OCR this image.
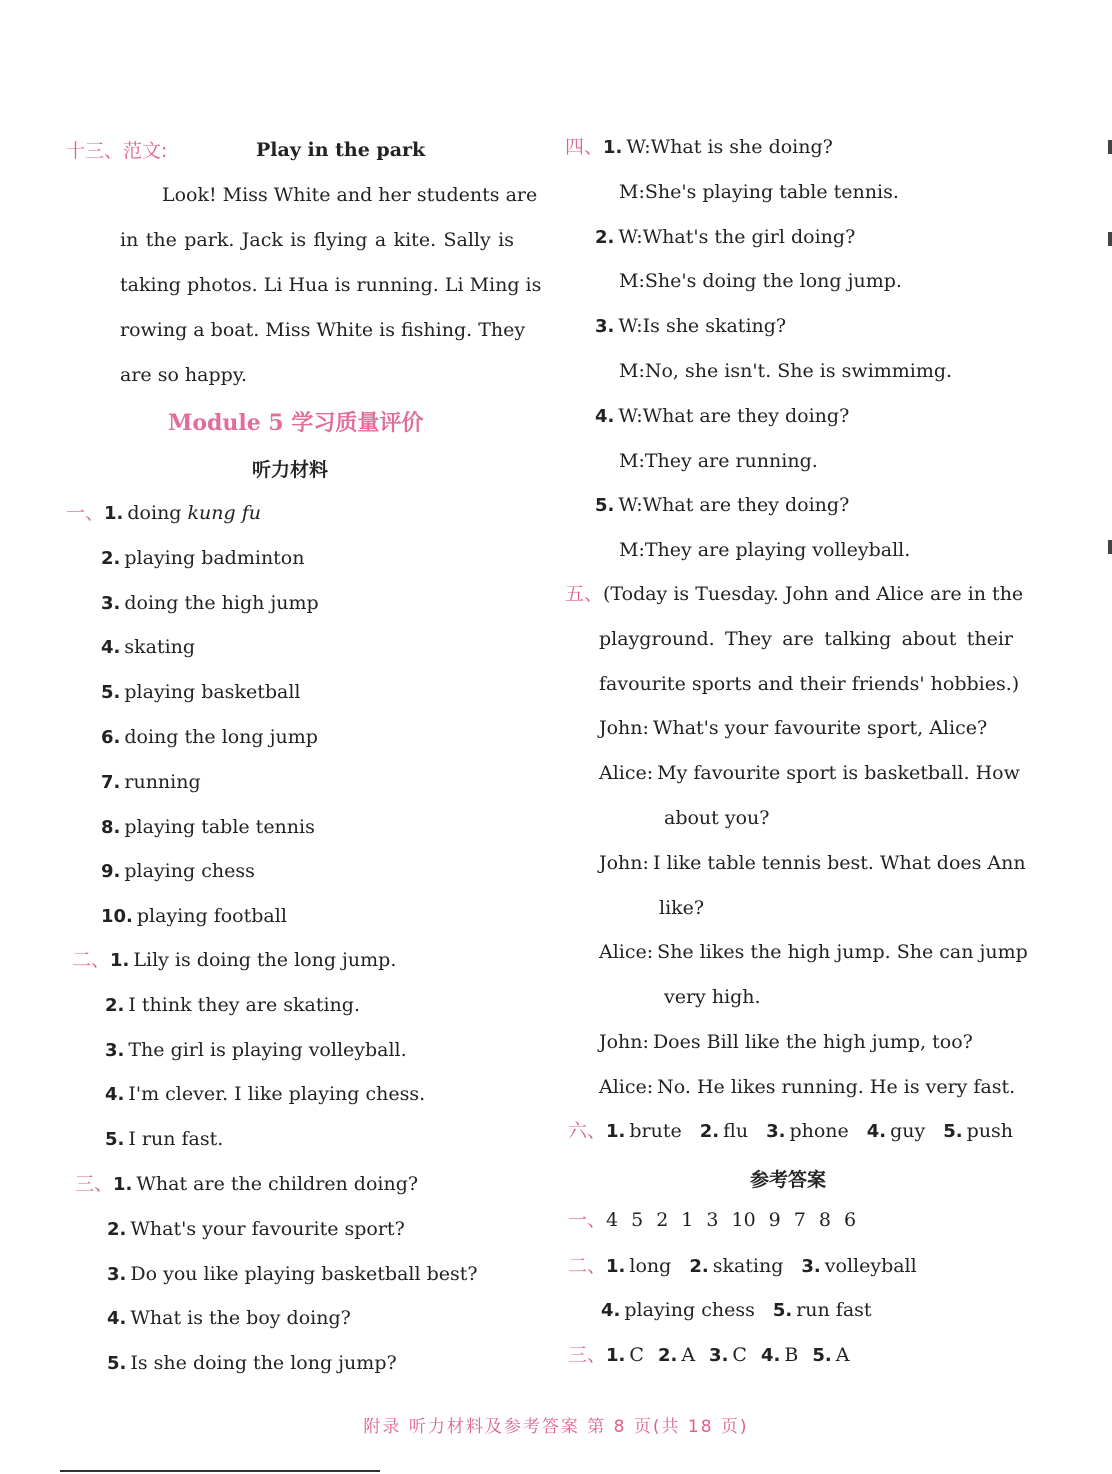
十三、范文:	Play in the park
Look! Miss White and her students are
in the park. Jack is flying a kite. Sally is
taking photos. Li Hua is running. Li Ming is
rowing a boat. Miss White is fishing. They
are so happy.
Module 5 学习质量评价
听力材料
一、1. doing kung fu
2. playing badminton
3. doing the high jump
4. skating
5. playing basketball
6. doing the long jump
7. running
8. playing table tennis
9. playing chess
10. playing football
二、1. Lily is doing the long jump.
2. I think they are skating.
3. The girl is playing volleyball.
4. I'm clever. I like playing chess.
5. I run fast.
三、1. What are the children doing?
2. What's your favourite sport?
3. Do you like playing basketball best?
4. What is the boy doing?
5. Is she doing the long jump?
四、1. W:What is she doing?
M:She's playing table tennis.
2. W:What's the girl doing?
M:She's doing the long jump.
3. W:Is she skating?
M:No, she isn't. She is swimmimg.
4. W:What are they doing?
M:They are running.
5. W:What are they doing?
M:They are playing volleyball.
五、(Today is Tuesday. John and Alice are in the
playground. They are talking about their
favourite sports and their friends' hobbies.)
John: What's your favourite sport, Alice?
Alice: My favourite sport is basketball. How
about you?
John: I like table tennis best. What does Ann
like?
Alice: She likes the high jump. She can jump
very high.
John: Does Bill like the high jump, too?
Alice: No. He likes running. He is very fast.
六、1. brute 2. flu 3. phone 4. guy 5. push
参考答案
一、4 5 2 1 3 10 9 7 8 6
二、1. long 2. skating 3. volleyball
4. playing chess 5. run fast
三、1. C 2. A 3. C 4. B 5. A
附录 听力材料及参考答案 第 8 页(共 18 页)
